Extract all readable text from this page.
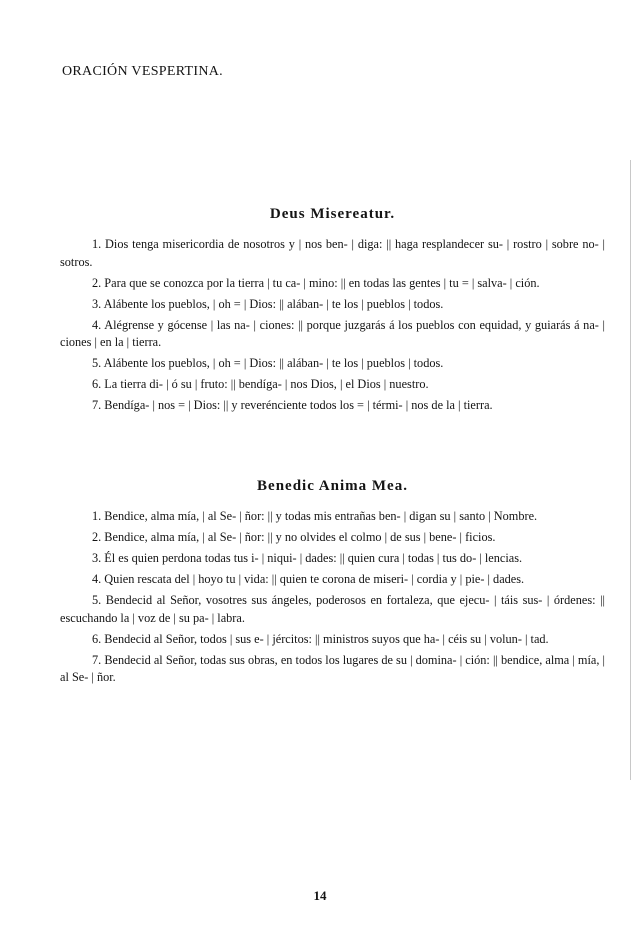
ORACIÓN VESPERTINA.
Deus Misereatur.

1. Dios tenga misericordia de nosotros y | nos ben- | diga: || haga resplandecer su- | rostro | sobre no- | sotros.

2. Para que se conozca por la tierra | tu ca- | mino: || en todas las gentes | tu = | salva- | ción.

3. Alábente los pueblos, | oh = | Dios: || alában- | te los | pueblos | todos.

4. Alégrense y gócense | las na- | ciones: || porque juzgarás á los pueblos con equidad, y guiarás á na- | ciones | en la | tierra.

5. Alábente los pueblos, | oh = | Dios: || alában- | te los | pueblos | todos.

6. La tierra di- | ó su | fruto: || bendíga- | nos Dios, | el Dios | nuestro.

7. Bendíga- | nos = | Dios: || y reverénciente todos los = | térmi- | nos de la | tierra.

Benedic Anima Mea.

1. Bendice, alma mía, | al Se- | ñor: || y todas mis entrañas ben- | digan su | santo | Nombre.

2. Bendice, alma mía, | al Se- | ñor: || y no olvides el colmo | de sus | bene- | ficios.

3. Él es quien perdona todas tus i- | niqui- | dades: || quien cura | todas | tus do- | lencias.

4. Quien rescata del | hoyo tu | vida: || quien te corona de miseri- | cordia y | pie- | dades.

5. Bendecid al Señor, vosotres sus ángeles, poderosos en fortaleza, que ejecu- | táis sus- | órdenes: || escuchando la | voz de | su pa- | labra.

6. Bendecid al Señor, todos | sus e- | jércitos: || ministros suyos que ha- | céis su | volun- | tad.

7. Bendecid al Señor, todas sus obras, en todos los lugares de su | domina- | ción: || bendice, alma | mía, | al Se- | ñor.

14
